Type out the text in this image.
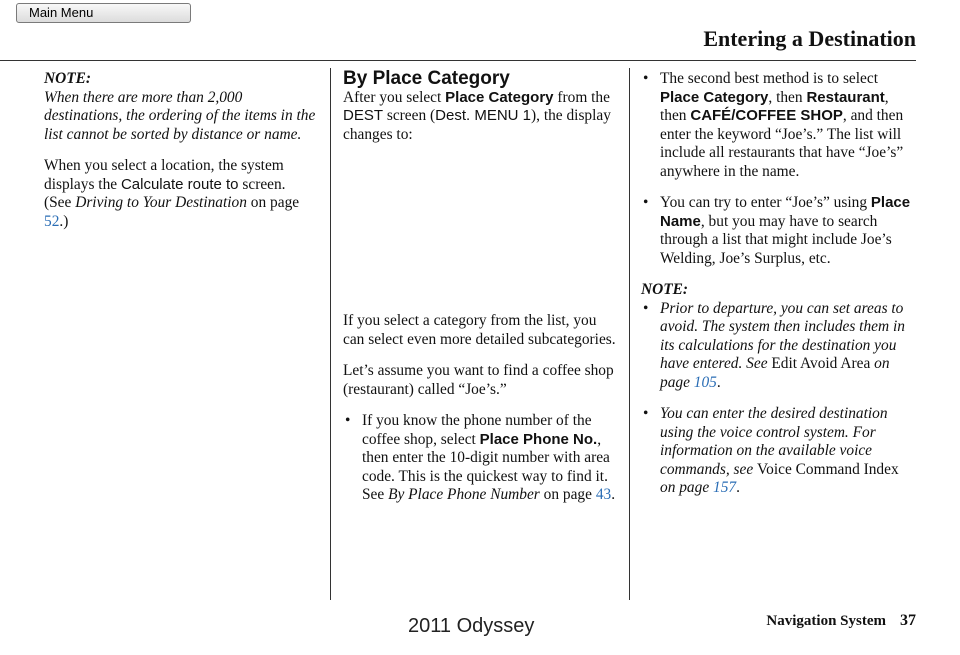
Main Menu
Entering a Destination

NOTE:

When there are more than 2,000 destinations, the ordering of the items in the list cannot be sorted by distance or name.

When you select a location, the system displays the Calculate route to screen. (See Driving to Your Destination on page 52.)

By Place Category

After you select Place Category from the DEST screen (Dest. MENU 1), the display changes to:

If you select a category from the list, you can select even more detailed subcategories.

Let’s assume you want to find a coffee shop (restaurant) called “Joe’s.”

• If you know the phone number of the coffee shop, select Place Phone No., then enter the 10-digit number with area code. This is the quickest way to find it. See By Place Phone Number on page 43.

• The second best method is to select Place Category, then Restaurant, then CAFÉ/COFFEE SHOP, and then enter the keyword “Joe’s.” The list will include all restaurants that have “Joe’s” anywhere in the name.

• You can try to enter “Joe’s” using Place Name, but you may have to search through a list that might include Joe’s Welding, Joe’s Surplus, etc.

NOTE:

• Prior to departure, you can set areas to avoid. The system then includes them in its calculations for the destination you have entered. See Edit Avoid Area on page 105.

• You can enter the desired destination using the voice control system. For information on the available voice commands, see Voice Command Index on page 157.

Navigation System 37
2011 Odyssey
